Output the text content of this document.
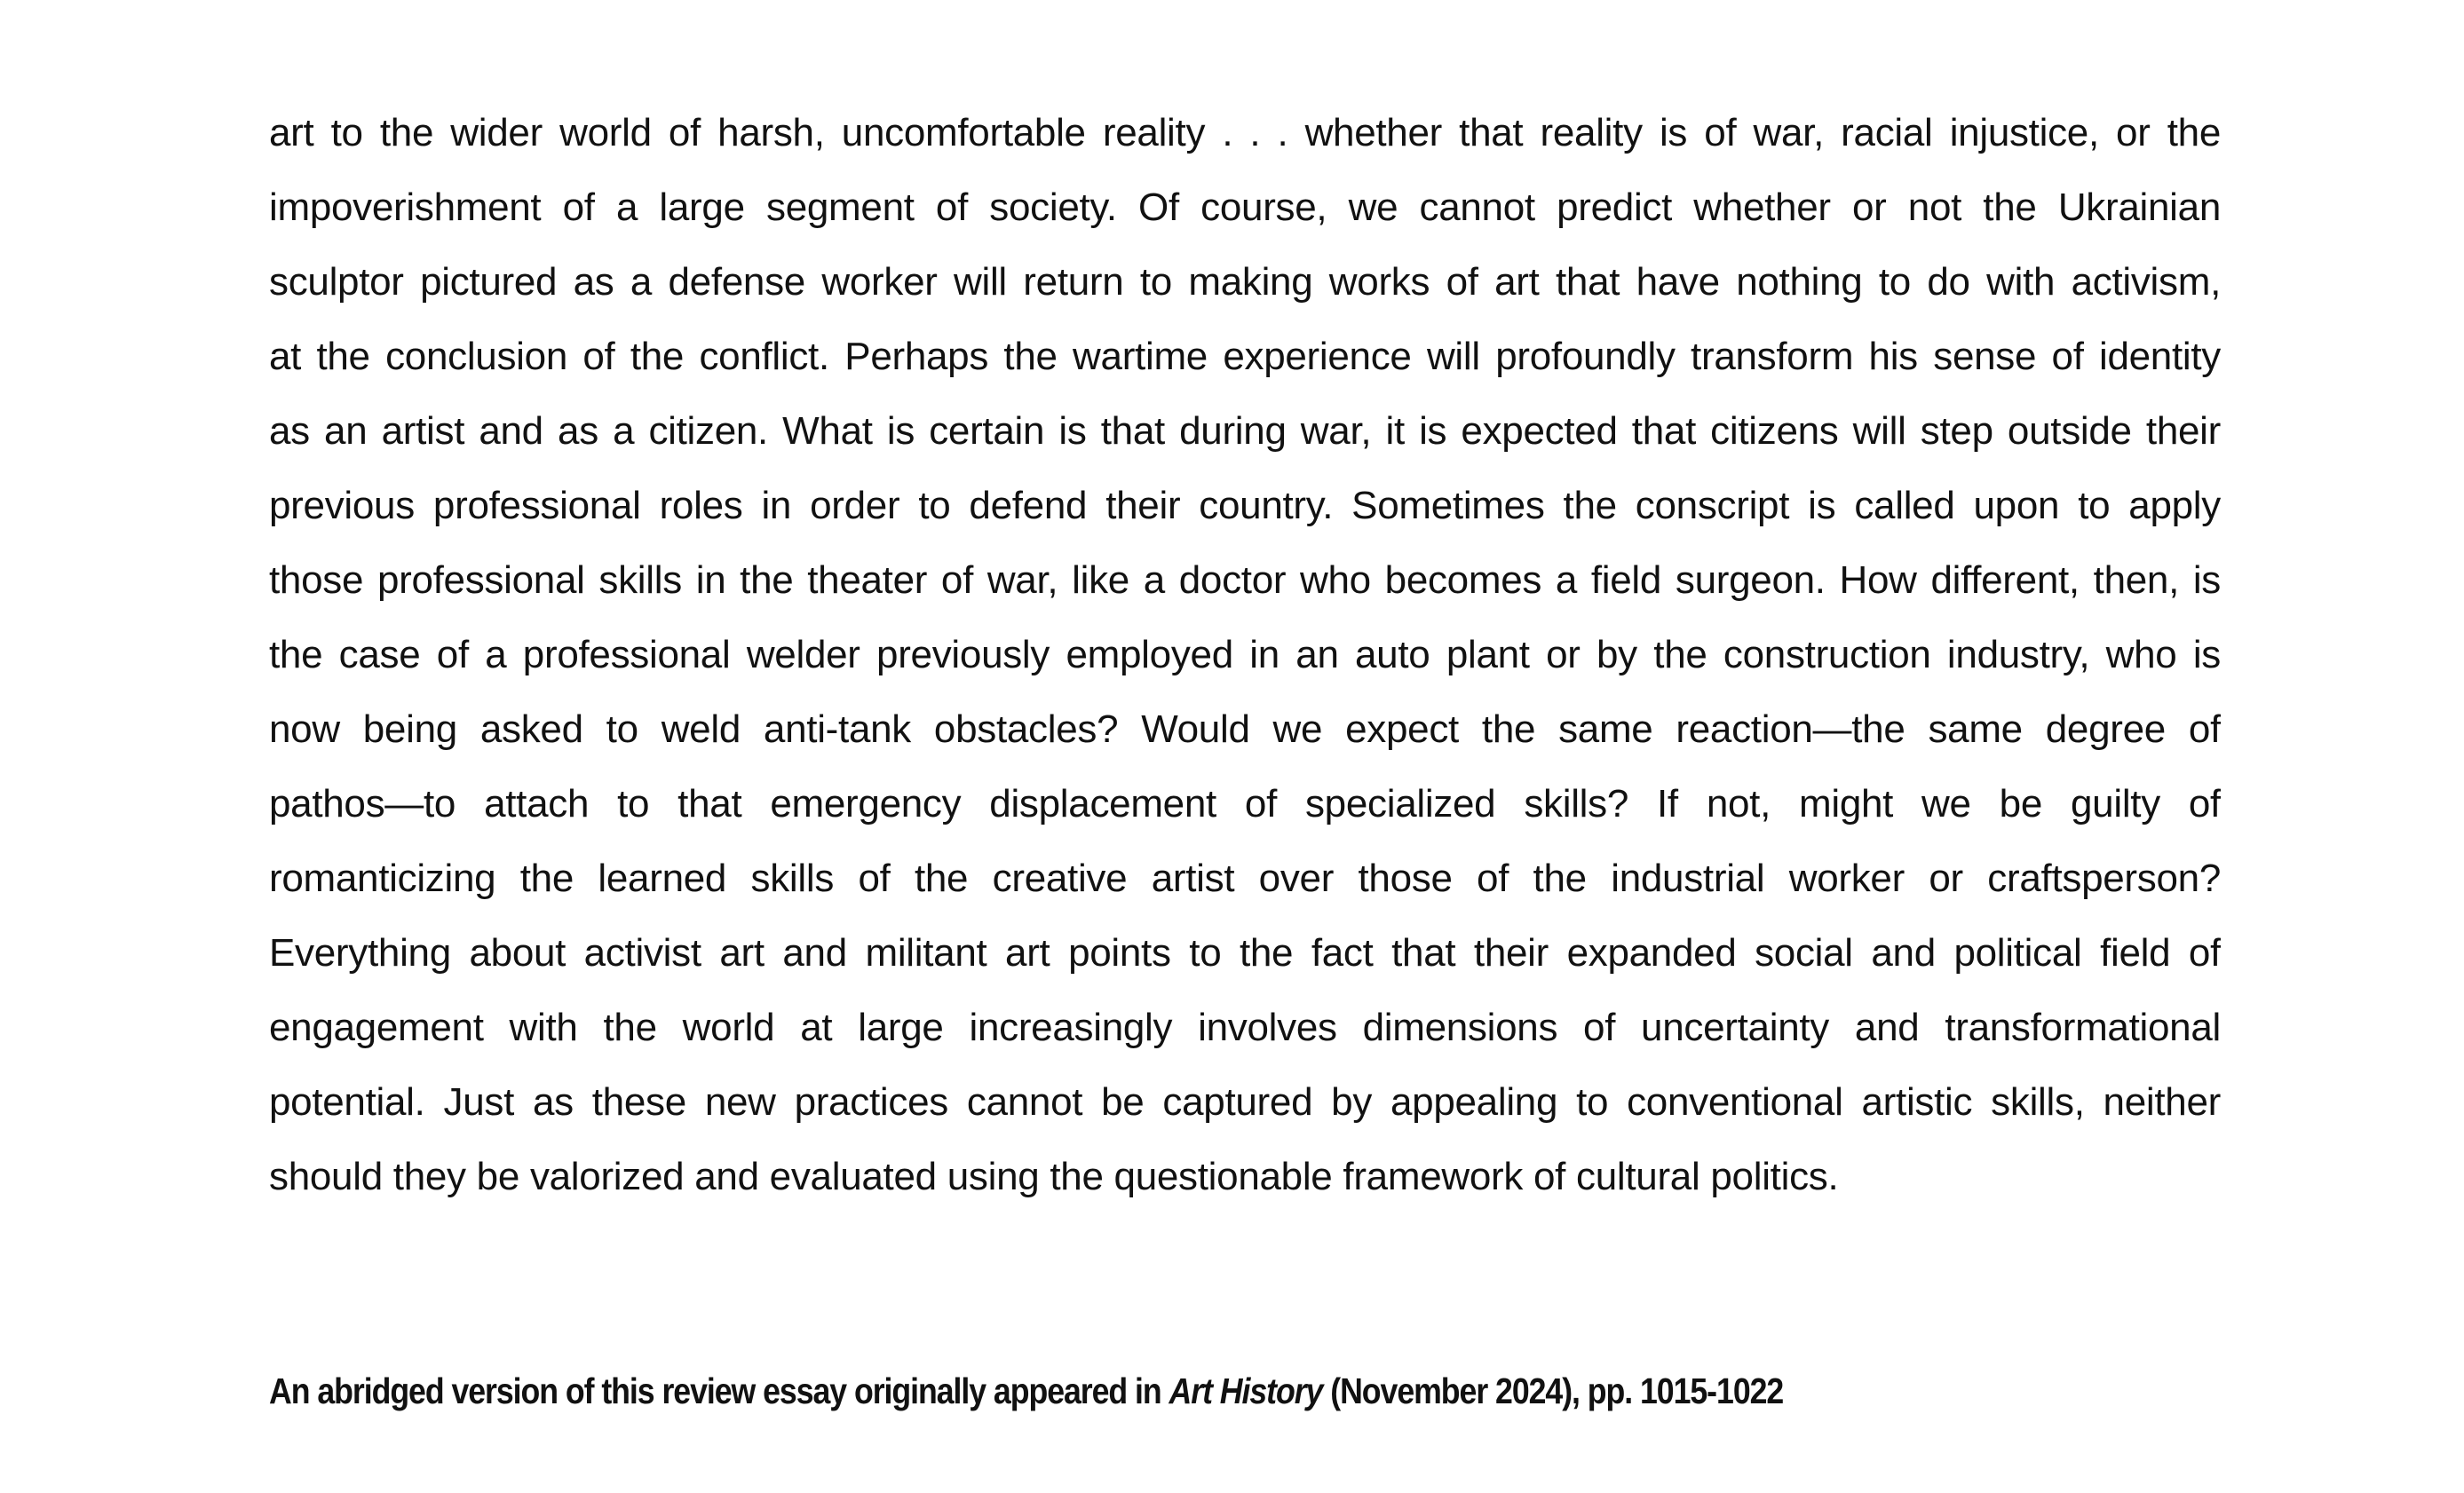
art to the wider world of harsh, uncomfortable reality . . . whether that reality is of war, racial injustice, or the
impoverishment of a large segment of society. Of course, we cannot predict whether or not the Ukrainian
sculptor pictured as a defense worker will return to making works of art that have nothing to do with activism,
at the conclusion of the conflict. Perhaps the wartime experience will profoundly transform his sense of identity
as an artist and as a citizen. What is certain is that during war, it is expected that citizens will step outside their
previous professional roles in order to defend their country. Sometimes the conscript is called upon to apply
those professional skills in the theater of war, like a doctor who becomes a field surgeon. How different, then, is
the case of a professional welder previously employed in an auto plant or by the construction industry, who is
now being asked to weld anti-tank obstacles? Would we expect the same reaction—the same degree of
pathos—to attach to that emergency displacement of specialized skills? If not, might we be guilty of
romanticizing the learned skills of the creative artist over those of the industrial worker or craftsperson?
Everything about activist art and militant art points to the fact that their expanded social and political field of
engagement with the world at large increasingly involves dimensions of uncertainty and transformational
potential. Just as these new practices cannot be captured by appealing to conventional artistic skills, neither
should they be valorized and evaluated using the questionable framework of cultural politics.
An abridged version of this review essay originally appeared in Art History (November 2024), pp. 1015-1022
